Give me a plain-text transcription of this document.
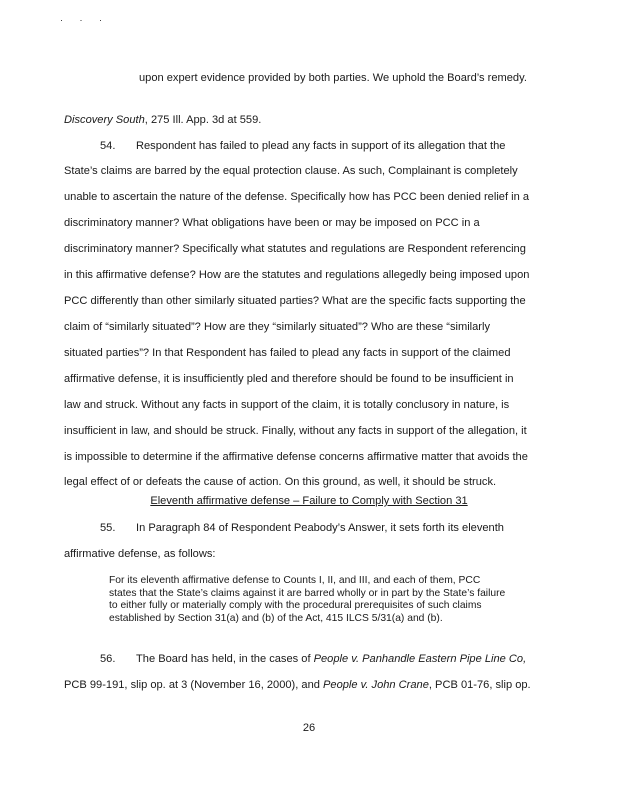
· · ·
upon expert evidence provided by both parties. We uphold the Board’s remedy.
Discovery South, 275 Ill. App. 3d at 559.
54. Respondent has failed to plead any facts in support of its allegation that the
State’s claims are barred by the equal protection clause. As such, Complainant is completely
unable to ascertain the nature of the defense. Specifically how has PCC been denied relief in a
discriminatory manner? What obligations have been or may be imposed on PCC in a
discriminatory manner? Specifically what statutes and regulations are Respondent referencing
in this affirmative defense? How are the statutes and regulations allegedly being imposed upon
PCC differently than other similarly situated parties? What are the specific facts supporting the
claim of “similarly situated”? How are they “similarly situated”? Who are these “similarly
situated parties”? In that Respondent has failed to plead any facts in support of the claimed
affirmative defense, it is insufficiently pled and therefore should be found to be insufficient in
law and struck. Without any facts in support of the claim, it is totally conclusory in nature, is
insufficient in law, and should be struck. Finally, without any facts in support of the allegation, it
is impossible to determine if the affirmative defense concerns affirmative matter that avoids the
legal effect of or defeats the cause of action. On this ground, as well, it should be struck.
Eleventh affirmative defense – Failure to Comply with Section 31
55. In Paragraph 84 of Respondent Peabody’s Answer, it sets forth its eleventh
affirmative defense, as follows:
For its eleventh affirmative defense to Counts I, II, and III, and each of them, PCC
states that the State’s claims against it are barred wholly or in part by the State’s failure
to either fully or materially comply with the procedural prerequisites of such claims
established by Section 31(a) and (b) of the Act, 415 ILCS 5/31(a) and (b).
56. The Board has held, in the cases of People v. Panhandle Eastern Pipe Line Co,
PCB 99-191, slip op. at 3 (November 16, 2000), and People v. John Crane, PCB 01-76, slip op.
26
